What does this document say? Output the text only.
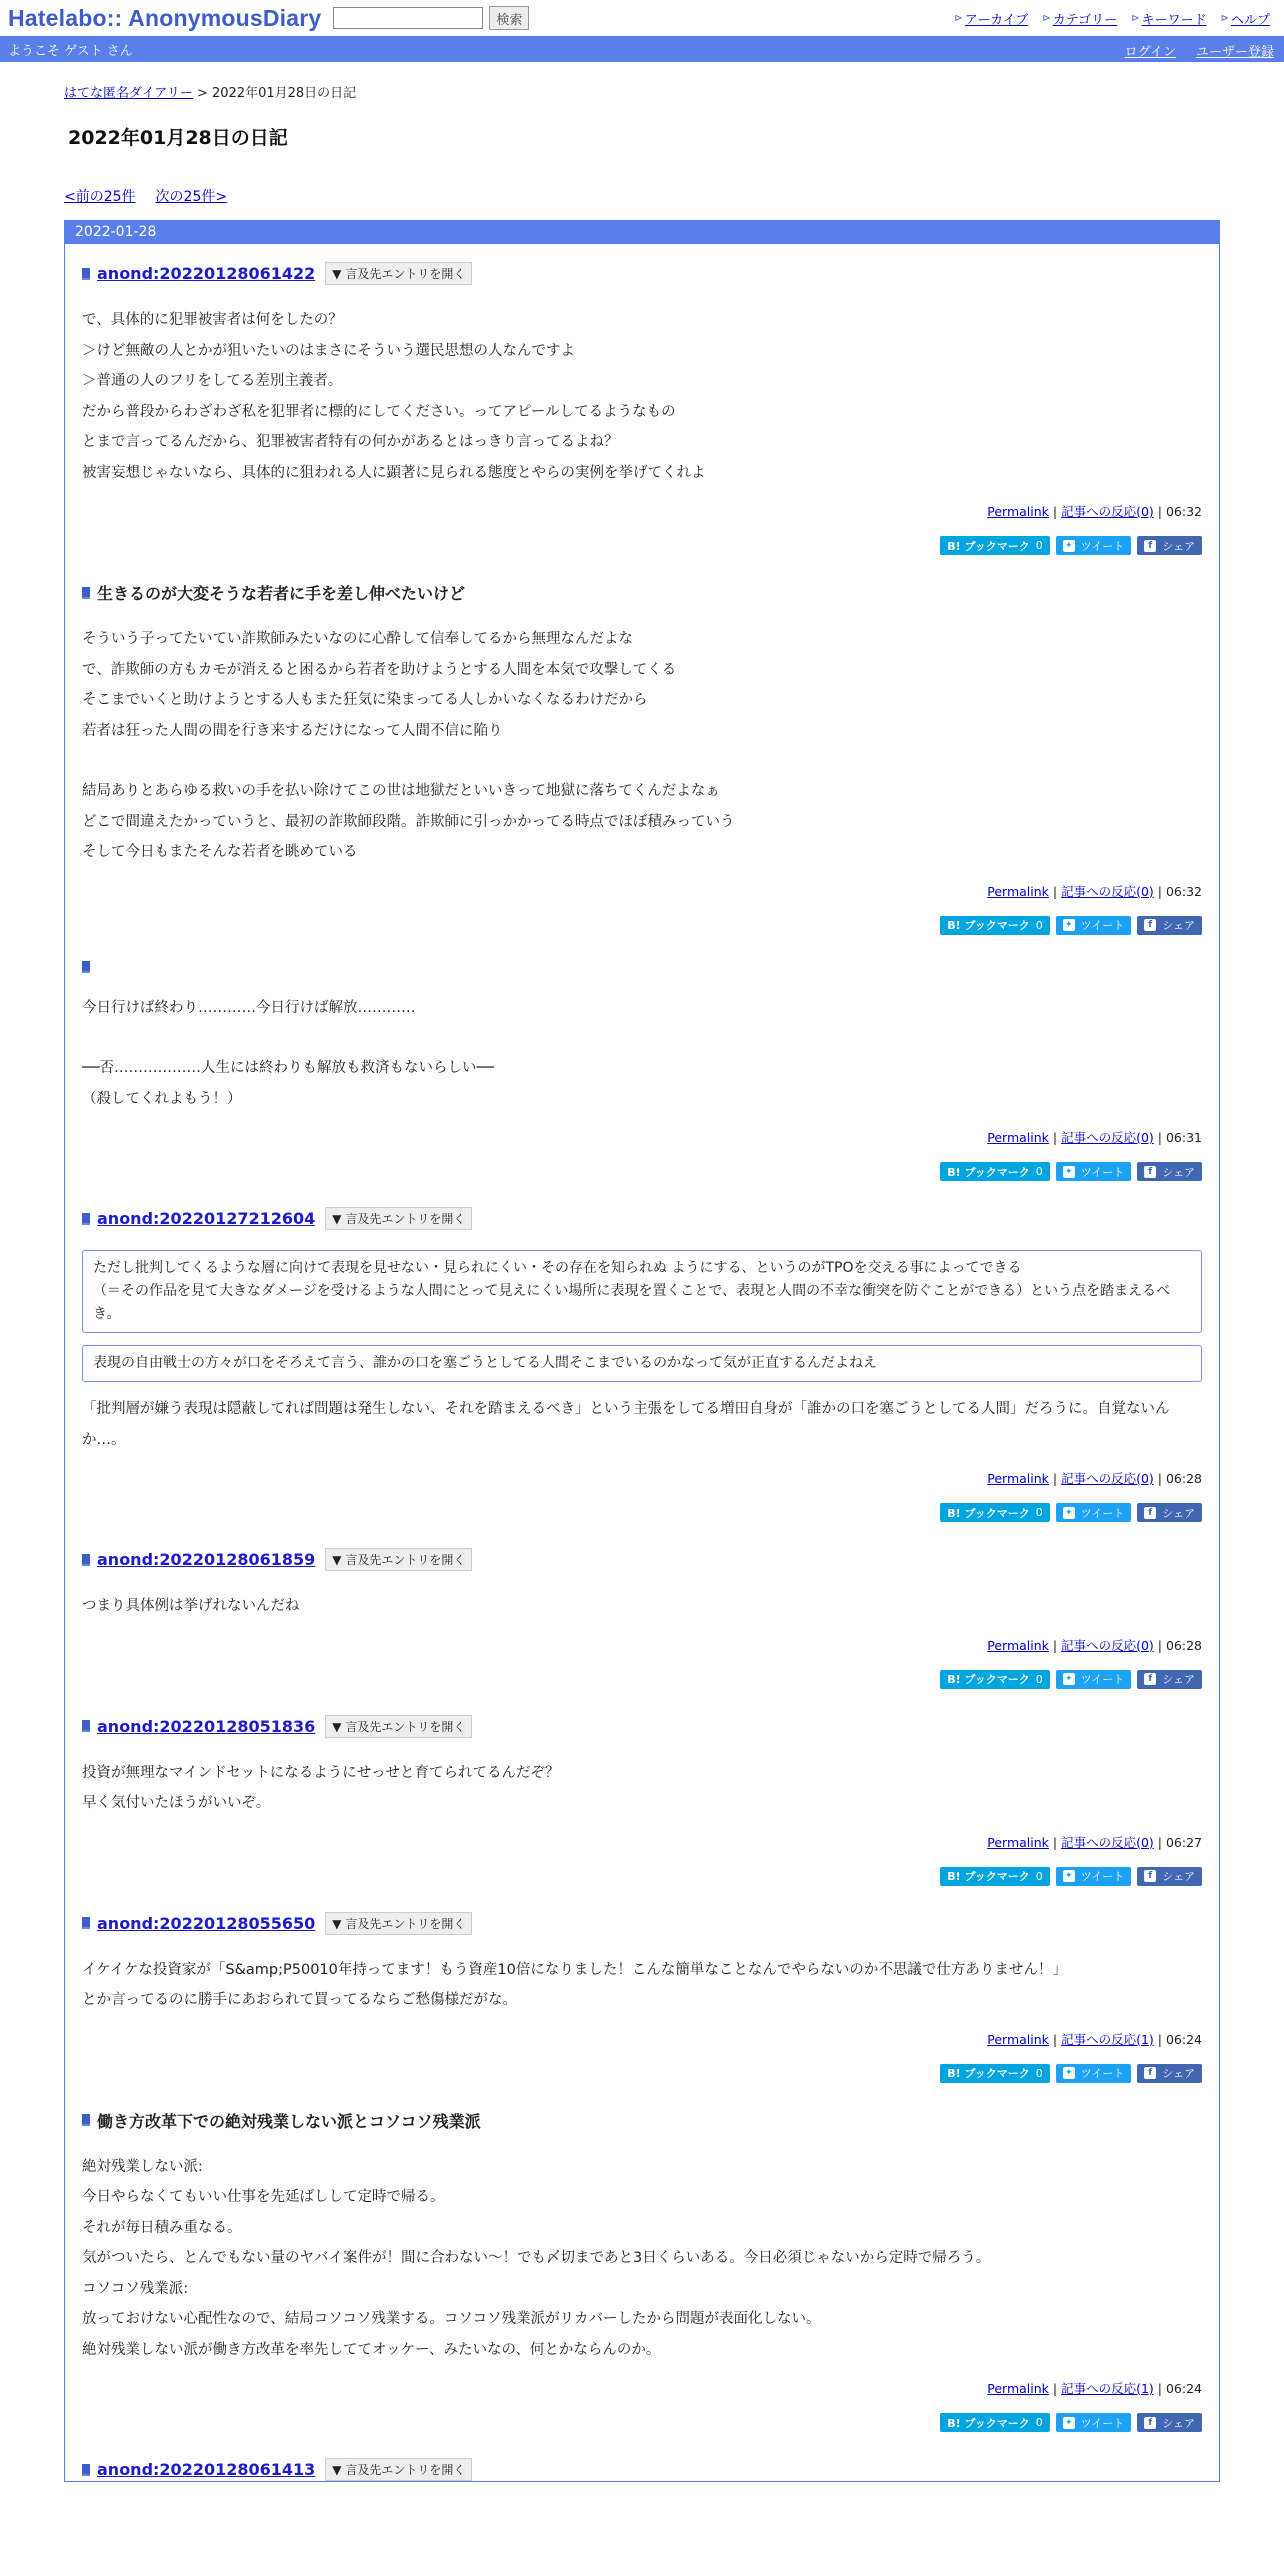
Hatelabo:: AnonymousDiary	検索	⊳ アーカイブ ⊳ カテゴリー ⊳ キーワード ⊳ ヘルプ
ようこそ ゲスト さん	ログイン ユーザー登録
はてな匿名ダイアリー > 2022年01月28日の日記
2022年01月28日の日記
<前の25件 次の25件>
2022-01-28
anond:20220128061422	▼ 言及先エントリを開く
で、具体的に犯罪被害者は何をしたの？
＞けど無敵の人とかが狙いたいのはまさにそういう選民思想の人なんですよ
＞普通の人のフリをしてる差別主義者。
だから普段からわざわざ私を犯罪者に標的にしてください。ってアピールしてるようなもの
とまで言ってるんだから、犯罪被害者特有の何かがあるとはっきり言ってるよね？
被害妄想じゃないなら、具体的に狙われる人に顕著に見られる態度とやらの実例を挙げてくれよ
Permalink | 記事への反応(0) | 06:32
B! ブックマーク 0 ✦ ツイート	f シェア
生きるのが大変そうな若者に手を差し伸べたいけど
そういう子ってたいてい詐欺師みたいなのに心酔して信奉してるから無理なんだよな
で、詐欺師の方もカモが消えると困るから若者を助けようとする人間を本気で攻撃してくる
そこまでいくと助けようとする人もまた狂気に染まってる人しかいなくなるわけだから
若者は狂った人間の間を行き来するだけになって人間不信に陥り
結局ありとあらゆる救いの手を払い除けてこの世は地獄だといいきって地獄に落ちてくんだよなぁ
どこで間違えたかっていうと、最初の詐欺師段階。詐欺師に引っかかってる時点でほぼ積みっていう
そして今日もまたそんな若者を眺めている
Permalink | 記事への反応(0) | 06:32
B! ブックマーク 0 ✦ ツイート	f シェア
今日行けば終わり…………今日行けば解放…………
──否………………人生には終わりも解放も救済もないらしい──
（殺してくれよもう！）
Permalink | 記事への反応(0) | 06:31
B! ブックマーク 0 ✦ ツイート	f シェア
anond:20220127212604	▼ 言及先エントリを開く
ただし批判してくるような層に向けて表現を見せない・見られにくい・その存在を知られぬ ようにする、というのがTPOを交える事によってできる
（＝その作品を見て大きなダメージを受けるような人間にとって見えにくい場所に表現を置くことで、表現と人間の不幸な衝突を防ぐことができる）という点を踏まえるべき。
表現の自由戦士の方々が口をそろえて言う、誰かの口を塞ごうとしてる人間そこまでいるのかなって気が正直するんだよねえ
「批判層が嫌う表現は隠蔽してれば問題は発生しない、それを踏まえるべき」という主張をしてる増田自身が「誰かの口を塞ごうとしてる人間」だろうに。自覚ないんか…。
Permalink | 記事への反応(0) | 06:28
B! ブックマーク 0 ✦ ツイート	f シェア
anond:20220128061859	▼ 言及先エントリを開く
つまり具体例は挙げれないんだね
Permalink | 記事への反応(0) | 06:28
B! ブックマーク 0 ✦ ツイート	f シェア
anond:20220128051836	▼ 言及先エントリを開く
投資が無理なマインドセットになるようにせっせと育てられてるんだぞ？
早く気付いたほうがいいぞ。
Permalink | 記事への反応(0) | 06:27
B! ブックマーク 0 ✦ ツイート	f シェア
anond:20220128055650	▼ 言及先エントリを開く
イケイケな投資家が「S&amp;P50010年持ってます！もう資産10倍になりました！こんな簡単なことなんでやらないのか不思議で仕方ありません！」
とか言ってるのに勝手にあおられて買ってるならご愁傷様だがな。
Permalink | 記事への反応(1) | 06:24
B! ブックマーク 0 ✦ ツイート	f シェア
働き方改革下での絶対残業しない派とコソコソ残業派
絶対残業しない派:
今日やらなくてもいい仕事を先延ばしして定時で帰る。
それが毎日積み重なる。
気がついたら、とんでもない量のヤバイ案件が！間に合わない〜！でも〆切まであと3日くらいある。今日必須じゃないから定時で帰ろう。
コソコソ残業派:
放っておけない心配性なので、結局コソコソ残業する。コソコソ残業派がリカバーしたから問題が表面化しない。
絶対残業しない派が働き方改革を率先しててオッケー、みたいなの、何とかならんのか。
Permalink | 記事への反応(1) | 06:24
B! ブックマーク 0 ✦ ツイート	f シェア
anond:20220128061413	▼ 言及先エントリを開く
